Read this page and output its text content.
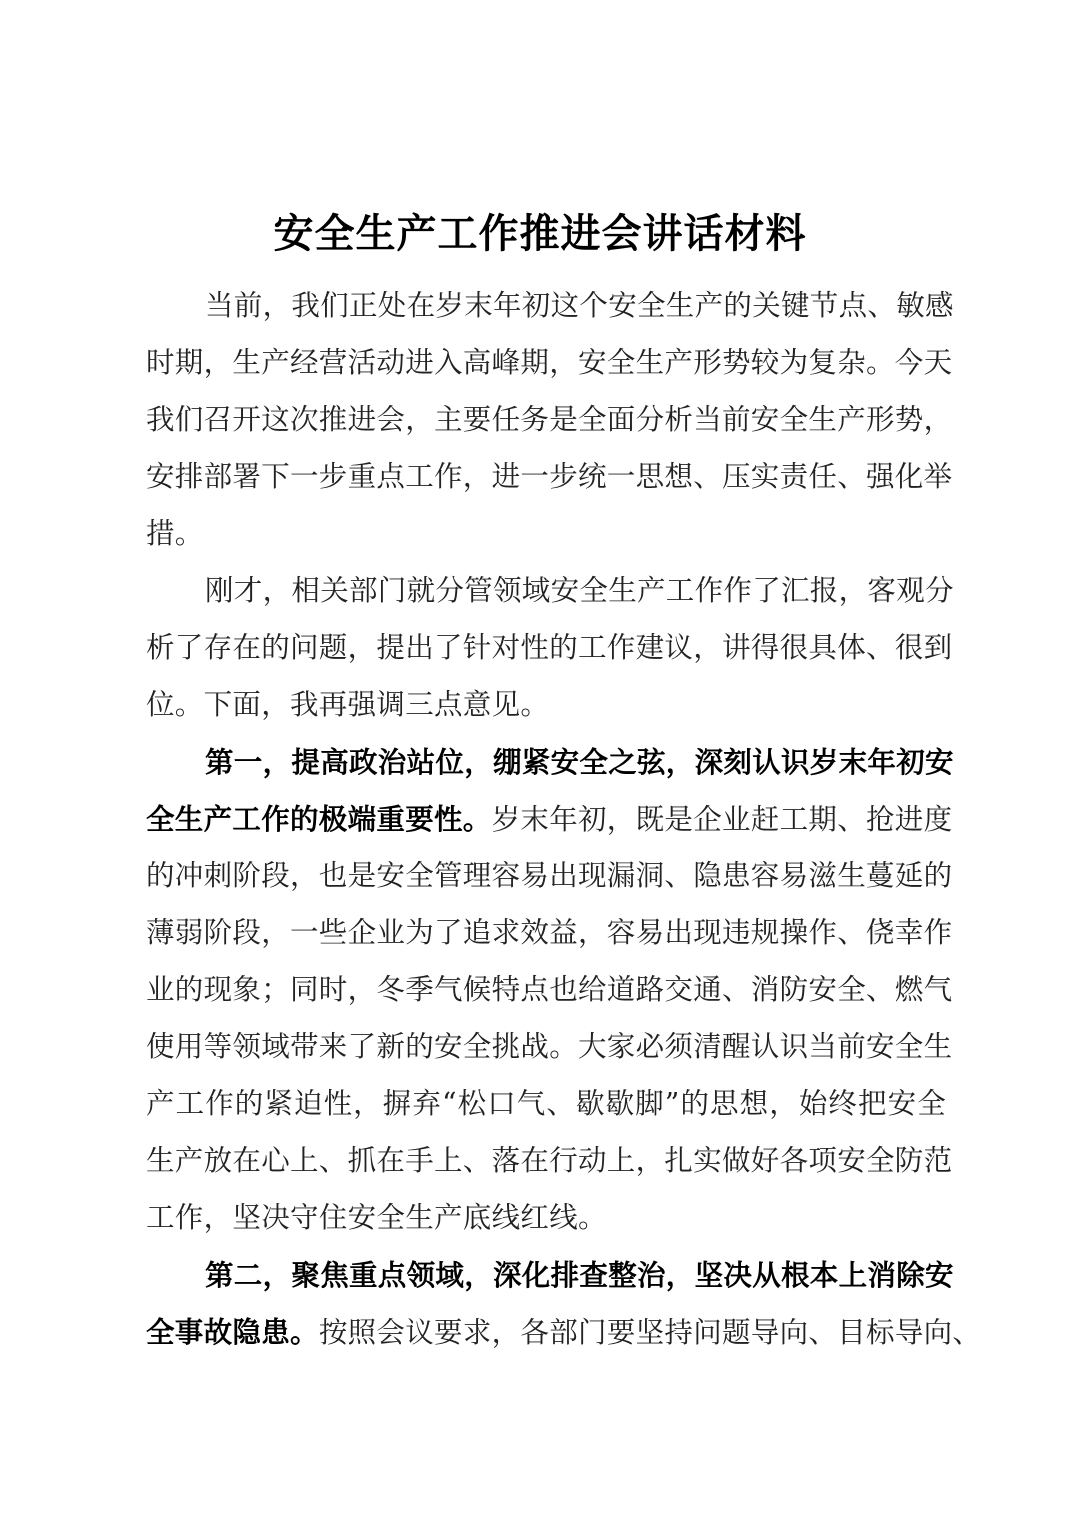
安全生产工作推进会讲话材料
当前，我们正处在岁末年初这个安全生产的关键节点、敏感
时期，生产经营活动进入高峰期，安全生产形势较为复杂。今天
我们召开这次推进会，主要任务是全面分析当前安全生产形势，
安排部署下一步重点工作，进一步统一思想、压实责任、强化举
措。
刚才，相关部门就分管领域安全生产工作作了汇报，客观分
析了存在的问题，提出了针对性的工作建议，讲得很具体、很到
位。下面，我再强调三点意见。
第一，提高政治站位，绷紧安全之弦，深刻认识岁末年初安
全生产工作的极端重要性。岁末年初，既是企业赶工期、抢进度
的冲刺阶段，也是安全管理容易出现漏洞、隐患容易滋生蔓延的
薄弱阶段，一些企业为了追求效益，容易出现违规操作、侥幸作
业的现象；同时，冬季气候特点也给道路交通、消防安全、燃气
使用等领域带来了新的安全挑战。大家必须清醒认识当前安全生
产工作的紧迫性，摒弃“松口气、歇歇脚”的思想，始终把安全
生产放在心上、抓在手上、落在行动上，扎实做好各项安全防范
工作，坚决守住安全生产底线红线。
第二，聚焦重点领域，深化排查整治，坚决从根本上消除安
全事故隐患。按照会议要求，各部门要坚持问题导向、目标导向、
